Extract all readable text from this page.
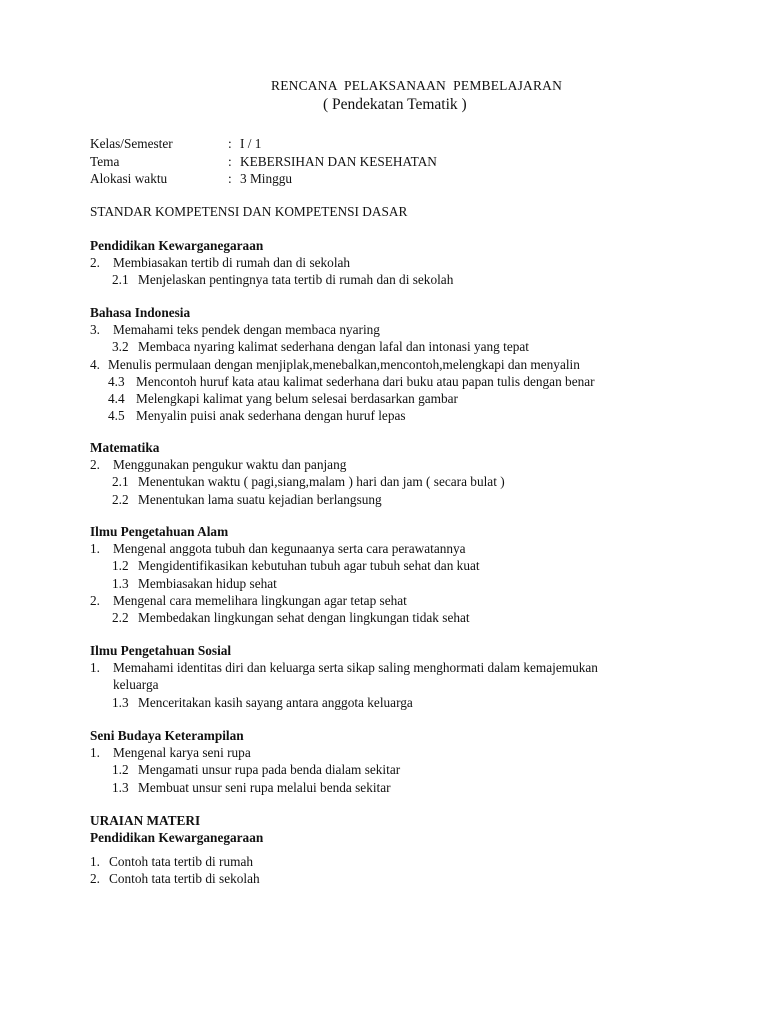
RENCANA  PELAKSANAAN  PEMBELAJARAN
( Pendekatan Tematik )
Kelas/Semester	: I / 1
Tema	: KEBERSIHAN DAN KESEHATAN
Alokasi waktu	: 3 Minggu
STANDAR KOMPETENSI DAN KOMPETENSI DASAR
Pendidikan Kewarganegaraan
2. Membiasakan tertib di rumah dan di sekolah
2.1 Menjelaskan pentingnya tata tertib di rumah dan di sekolah
Bahasa Indonesia
3. Memahami teks pendek dengan membaca nyaring
3.2 Membaca nyaring kalimat sederhana dengan lafal dan intonasi yang tepat
4. Menulis permulaan dengan menjiplak,menebalkan,mencontoh,melengkapi dan menyalin
4.3 Mencontoh huruf kata atau kalimat sederhana dari buku atau papan tulis dengan benar
4.4 Melengkapi kalimat yang belum selesai berdasarkan gambar
4.5 Menyalin puisi anak sederhana dengan huruf lepas
Matematika
2. Menggunakan pengukur waktu dan panjang
2.1 Menentukan waktu ( pagi,siang,malam ) hari dan jam ( secara bulat )
2.2 Menentukan lama suatu kejadian berlangsung
Ilmu Pengetahuan Alam
1. Mengenal anggota tubuh dan kegunaanya serta cara perawatannya
1.2 Mengidentifikasikan kebutuhan tubuh agar tubuh sehat dan kuat
1.3 Membiasakan hidup sehat
2. Mengenal cara memelihara lingkungan agar tetap sehat
2.2 Membedakan lingkungan sehat dengan lingkungan tidak sehat
Ilmu Pengetahuan Sosial
1. Memahami identitas diri dan keluarga serta sikap saling menghormati dalam kemajemukan
keluarga
1.3 Menceritakan kasih sayang antara anggota keluarga
Seni Budaya Keterampilan
1. Mengenal karya seni rupa
1.2 Mengamati unsur rupa pada benda dialam sekitar
1.3 Membuat unsur seni rupa melalui benda sekitar
URAIAN MATERI
Pendidikan Kewarganegaraan
1. Contoh tata tertib di rumah
2. Contoh tata tertib di sekolah
